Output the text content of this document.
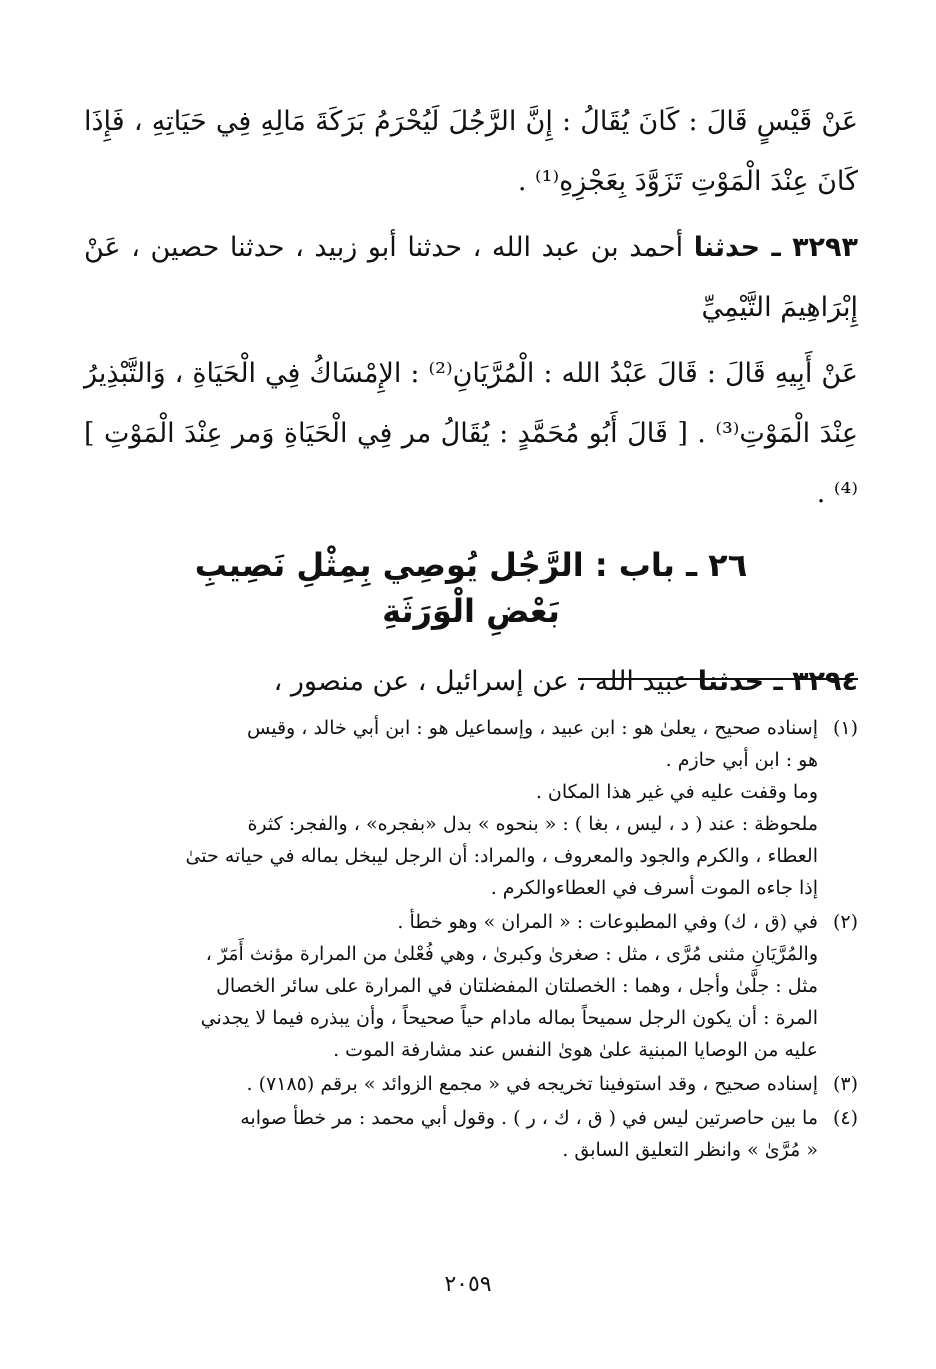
عَنْ قَيْسٍ قَالَ : كَانَ يُقَالُ : إِنَّ الرَّجُلَ لَيُحْرَمُ بَرَكَةَ مَالِهِ فِي حَيَاتِهِ ، فَإِذَا كَانَ عِنْدَ الْمَوْتِ تَزَوَّدَ بِعَجْزِهِ⁽¹⁾ .

٣٢٩٣ ـ حدثنا أحمد بن عبد الله ، حدثنا أبو زبيد ، حدثنا حصين ، عَنْ إِبْرَاهِيمَ التَّيْمِيِّ

عَنْ أَبِيهِ قَالَ : قَالَ عَبْدُ الله : الْمُرَّيَانِ⁽²⁾ : الإِمْسَاكُ فِي الْحَيَاةِ ، وَالتَّبْذِيرُ عِنْدَ الْمَوْتِ⁽³⁾ . [ قَالَ أَبُو مُحَمَّدٍ : يُقَالُ مر فِي الْحَيَاةِ وَمر عِنْدَ الْمَوْتِ ]⁽⁴⁾ .

٢٦ ـ باب : الرَّجُل يُوصِي بِمِثْلِ نَصِيبِ
بَعْضِ الْوَرَثَةِ

٣٢٩٤ ـ حدثنا عبيد الله ، عن إسرائيل ، عن منصور ،

(١)
إسناده صحيح ، يعلىٰ هو : ابن عبيد ، وإسماعيل هو : ابن أبي خالد ، وقيس
هو : ابن أبي حازم .
وما وقفت عليه في غير هذا المكان .
ملحوظة : عند ( د ، ليس ، بغا ) : « بنحوه » بدل «بفجره» ، والفجر: كثرة
العطاء ، والكرم والجود والمعروف ، والمراد: أن الرجل ليبخل بماله في حياته حتىٰ
إذا جاءه الموت أسرف في العطاءوالكرم .
(٢)
في (ق ، ك) وفي المطبوعات : « المران » وهو خطأ .
والمُرَّيَانِ مثنى مُرَّى ، مثل : صغرىٰ وكبرىٰ ، وهي فُعْلىٰ من المرارة مؤنث أَمَرّ ،
مثل : جلَّىٰ وأجل ، وهما : الخصلتان المفضلتان في المرارة على سائر الخصال
المرة : أن يكون الرجل سميحاً بماله مادام حياً صحيحاً ، وأن يبذره فيما لا يجدني
عليه من الوصايا المبنية علىٰ هوىٰ النفس عند مشارفة الموت .
(٣)
إسناده صحيح ، وقد استوفينا تخريجه في « مجمع الزوائد » برقم (٧١٨٥) .
(٤)
ما بين حاصرتين ليس في ( ق ، ك ، ر ) . وقول أبي محمد : مر خطأ صوابه
« مُرَّىٰ » وانظر التعليق السابق .
٢٠٥٩
